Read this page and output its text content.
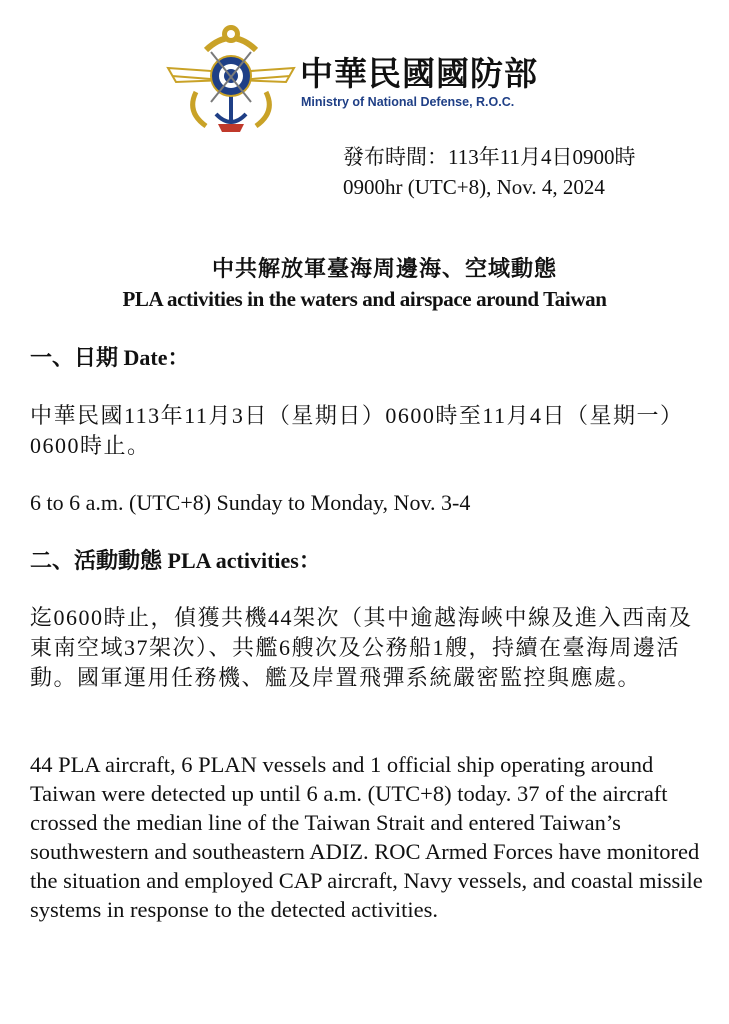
中華民國國防部
Ministry of National Defense, R.O.C.
發布時間：113年11月4日0900時
0900hr (UTC+8), Nov. 4, 2024
中共解放軍臺海周邊海、空域動態
PLA activities in the waters and airspace around Taiwan
一、日期 Date：
中華民國113年11月3日（星期日）0600時至11月4日（星期一）0600時止。
6 to 6 a.m. (UTC+8) Sunday to Monday, Nov. 3-4
二、活動動態 PLA activities：
迄0600時止，偵獲共機44架次（其中逾越海峽中線及進入西南及東南空域37架次）、共艦6艘次及公務船1艘，持續在臺海周邊活動。國軍運用任務機、艦及岸置飛彈系統嚴密監控與應處。
44 PLA aircraft, 6 PLAN vessels and 1 official ship operating around Taiwan were detected up until 6 a.m. (UTC+8) today. 37 of the aircraft crossed the median line of the Taiwan Strait and entered Taiwan’s southwestern and southeastern ADIZ. ROC Armed Forces have monitored the situation and employed CAP aircraft, Navy vessels, and coastal missile systems in response to the detected activities.
